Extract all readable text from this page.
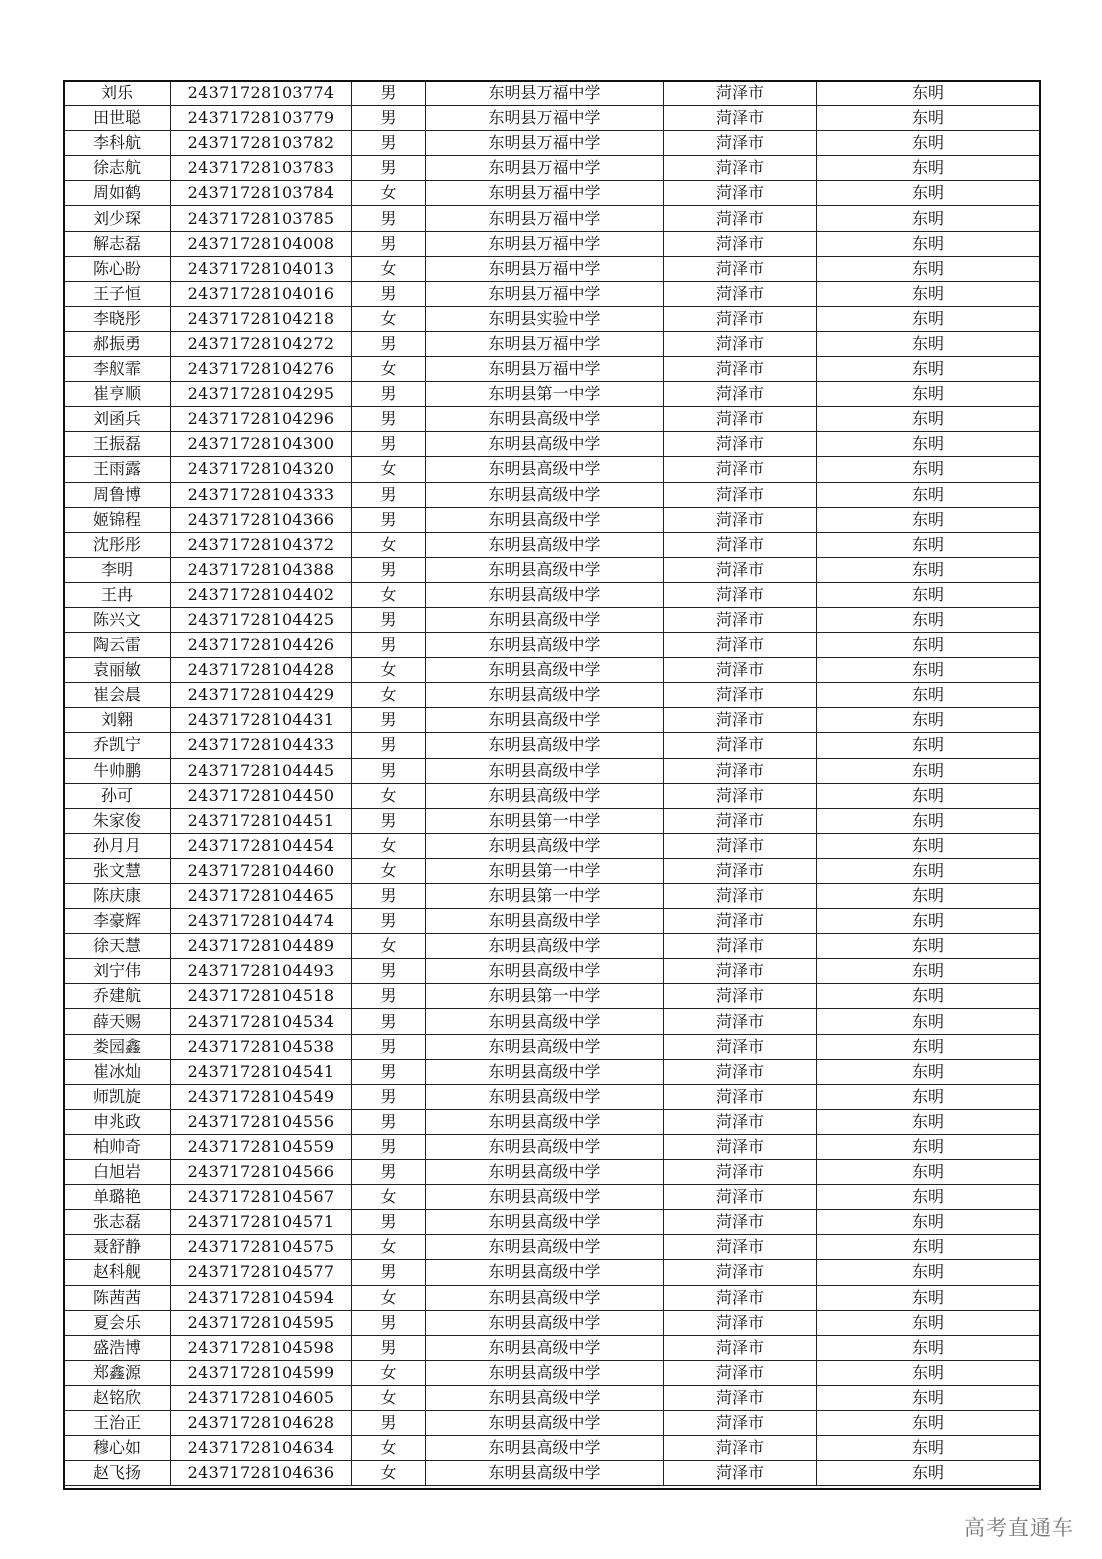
刘乐	24371728103774	男	东明县万福中学	菏泽市	东明
田世聪	24371728103779	男	东明县万福中学	菏泽市	东明
李科航	24371728103782	男	东明县万福中学	菏泽市	东明
徐志航	24371728103783	男	东明县万福中学	菏泽市	东明
周如鹤	24371728103784	女	东明县万福中学	菏泽市	东明
刘少琛	24371728103785	男	东明县万福中学	菏泽市	东明
解志磊	24371728104008	男	东明县万福中学	菏泽市	东明
陈心盼	24371728104013	女	东明县万福中学	菏泽市	东明
王子恒	24371728104016	男	东明县万福中学	菏泽市	东明
李晓彤	24371728104218	女	东明县实验中学	菏泽市	东明
郝振勇	24371728104272	男	东明县万福中学	菏泽市	东明
李舣霏	24371728104276	女	东明县万福中学	菏泽市	东明
崔亨顺	24371728104295	男	东明县第一中学	菏泽市	东明
刘函兵	24371728104296	男	东明县高级中学	菏泽市	东明
王振磊	24371728104300	男	东明县高级中学	菏泽市	东明
王雨露	24371728104320	女	东明县高级中学	菏泽市	东明
周鲁博	24371728104333	男	东明县高级中学	菏泽市	东明
姬锦程	24371728104366	男	东明县高级中学	菏泽市	东明
沈彤彤	24371728104372	女	东明县高级中学	菏泽市	东明
李明	24371728104388	男	东明县高级中学	菏泽市	东明
王冉	24371728104402	女	东明县高级中学	菏泽市	东明
陈兴文	24371728104425	男	东明县高级中学	菏泽市	东明
陶云雷	24371728104426	男	东明县高级中学	菏泽市	东明
袁丽敏	24371728104428	女	东明县高级中学	菏泽市	东明
崔会晨	24371728104429	女	东明县高级中学	菏泽市	东明
刘翱	24371728104431	男	东明县高级中学	菏泽市	东明
乔凯宁	24371728104433	男	东明县高级中学	菏泽市	东明
牛帅鹏	24371728104445	男	东明县高级中学	菏泽市	东明
孙可	24371728104450	女	东明县高级中学	菏泽市	东明
朱家俊	24371728104451	男	东明县第一中学	菏泽市	东明
孙月月	24371728104454	女	东明县高级中学	菏泽市	东明
张文慧	24371728104460	女	东明县第一中学	菏泽市	东明
陈庆康	24371728104465	男	东明县第一中学	菏泽市	东明
李豪辉	24371728104474	男	东明县高级中学	菏泽市	东明
徐天慧	24371728104489	女	东明县高级中学	菏泽市	东明
刘宁伟	24371728104493	男	东明县高级中学	菏泽市	东明
乔建航	24371728104518	男	东明县第一中学	菏泽市	东明
薛天赐	24371728104534	男	东明县高级中学	菏泽市	东明
娄园鑫	24371728104538	男	东明县高级中学	菏泽市	东明
崔冰灿	24371728104541	男	东明县高级中学	菏泽市	东明
师凯旋	24371728104549	男	东明县高级中学	菏泽市	东明
申兆政	24371728104556	男	东明县高级中学	菏泽市	东明
柏帅奇	24371728104559	男	东明县高级中学	菏泽市	东明
白旭岩	24371728104566	男	东明县高级中学	菏泽市	东明
单璐艳	24371728104567	女	东明县高级中学	菏泽市	东明
张志磊	24371728104571	男	东明县高级中学	菏泽市	东明
聂舒静	24371728104575	女	东明县高级中学	菏泽市	东明
赵科舰	24371728104577	男	东明县高级中学	菏泽市	东明
陈茜茜	24371728104594	女	东明县高级中学	菏泽市	东明
夏会乐	24371728104595	男	东明县高级中学	菏泽市	东明
盛浩博	24371728104598	男	东明县高级中学	菏泽市	东明
郑鑫源	24371728104599	女	东明县高级中学	菏泽市	东明
赵铭欣	24371728104605	女	东明县高级中学	菏泽市	东明
王治正	24371728104628	男	东明县高级中学	菏泽市	东明
穆心如	24371728104634	女	东明县高级中学	菏泽市	东明
赵飞扬	24371728104636	女	东明县高级中学	菏泽市	东明
高考直通车
